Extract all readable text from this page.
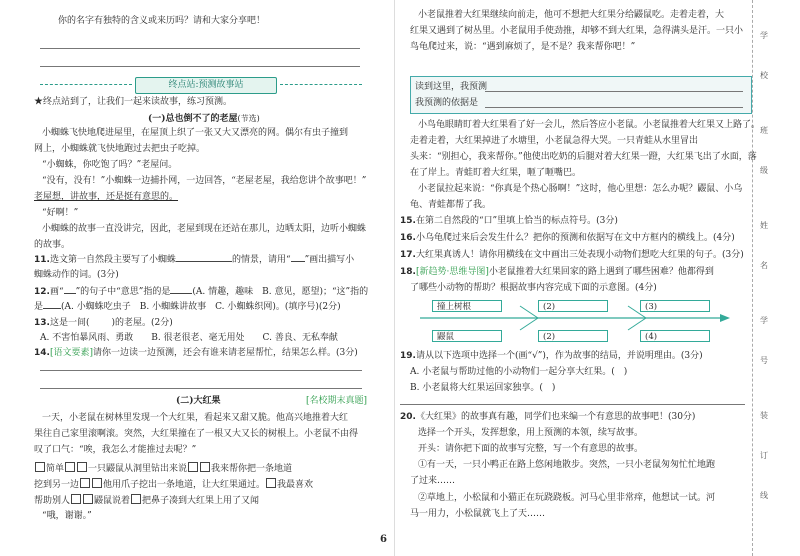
你的名字有独特的含义或来历吗？请和大家分享吧！
终点站:预测故事站
★终点站到了，让我们一起来读故事，练习预测。
(一)总也倒不了的老屋(节选)
小蜘蛛飞快地爬进屋里，在屋顶上织了一张又大又漂亮的网。偶尔有虫子撞到
网上，小蜘蛛就飞快地跑过去把虫子吃掉。
“小蜘蛛，你吃饱了吗？”老屋问。
“没有，没有！”小蜘蛛一边捕扑网，一边回答，“老屋老屋，我给您讲个故事吧！”
老屋想，讲故事，还是挺有意思的。
“好啊！”
小蜘蛛的故事一直没讲完，因此，老屋到现在还站在那儿，边晒太阳，边听小蜘蛛
的故事。
11.选文第一自然段主要写了小蜘蛛	的情景，请用“ ”画出描写小
蜘蛛动作的词。(3分)
12.画“ ”的句子中“意思”指的是 (A. 情趣，趣味　B. 意见，愿望)；“这”指的
是 (A. 小蜘蛛吃虫子　B. 小蜘蛛讲故事　C. 小蜘蛛织网)。(填序号)(2分)
13.这是一间( )的老屋。(2分)
A. 不害怕暴风雨、勇敢　　B. 很老很老、毫无用处　　C. 善良、无私奉献
14.[语文要素]请你一边读一边预测，还会有谁来请老屋帮忙，结果怎么样。(3分)
(二)大红果	[名校期末真题]
一天，小老鼠在树林里发现一个大红果，看起来又甜又脆。他高兴地推着大红
果往自己家里滚啊滚。突然，大红果撞在了一根又大又长的树根上。小老鼠不由得
叹了口气：“唉，我怎么才能推过去呢？”
简单	一只鼹鼠从洞里钻出来说	我来帮你把一条地道
挖到另一边	他用爪子挖出一条地道，让大红果通过。 我最喜欢
帮助别人	鼹鼠说着 把鼻子凑到大红果上用了又闻
“哦，谢谢。”
6
小老鼠推着大红果继续向前走，他可不想把大红果分给鼹鼠吃。走着走着，大
红果又遇到了树丛里。小老鼠用手使劲推，却够不到大红果，急得满头是汗。一只小
鸟龟爬过来，说：“遇到麻烦了，是不是？我来帮你吧！”
读到这里，我预测
我预测的依据是
小鸟龟眼睛盯着大红果看了好一会儿，然后答应小老鼠。小老鼠推着大红果又上路了。
走着走着，大红果掉进了水塘里，小老鼠急得大哭。一只青蛙从水里冒出
头来：“别担心，我来帮你。”他使出吃奶的后腿对着大红果一蹬，大红果飞出了水面，落
在了岸上。青蛙盯着大红果，咂了咂嘴巴。
小老鼠拉起来说：“你真是个热心肠啊！”这时，他心里想：怎么办呢？鼹鼠、小乌
龟、青蛙都帮了我。
15.在第二自然段的“口”里填上恰当的标点符号。(3分)
16.小乌龟爬过来后会发生什么？把你的预测和依据写在文中方框内的横线上。(4分)
17.大红果真诱人！请你用横线在文中画出三处表现小动物们想吃大红果的句子。(3分)
18.[新趋势·思维导图]小老鼠推着大红果回家的路上遇到了哪些困难？他都得到
了哪些小动物的帮助？根据故事内容完成下面的示意图。(4分)
撞上树根	(2)	(3)
鼹鼠	(2)	(4)
19.请从以下选项中选择一个(画“√”)，作为故事的结局，并说明理由。(3分)
A. 小老鼠与帮助过他的小动物们一起分享大红果。(　)
B. 小老鼠将大红果运回家独享。(　)
20.《大红果》的故事真有趣，同学们也来编一个有意思的故事吧！(30分)
选择一个开头，发挥想象，用上预测的本领，续写故事。
开头：请你把下面的故事写完整，写一个有意思的故事。
①有一天，一只小鸭正在路上悠闲地散步。突然，一只小老鼠匆匆忙忙地跑
了过来……
②草地上，小松鼠和小猫正在玩跷跷板。河马心里非常痒，他想试一试。河
马一用力，小松鼠就飞上了天……
学
校
班
级
姓
名
学
号
装
订
线
